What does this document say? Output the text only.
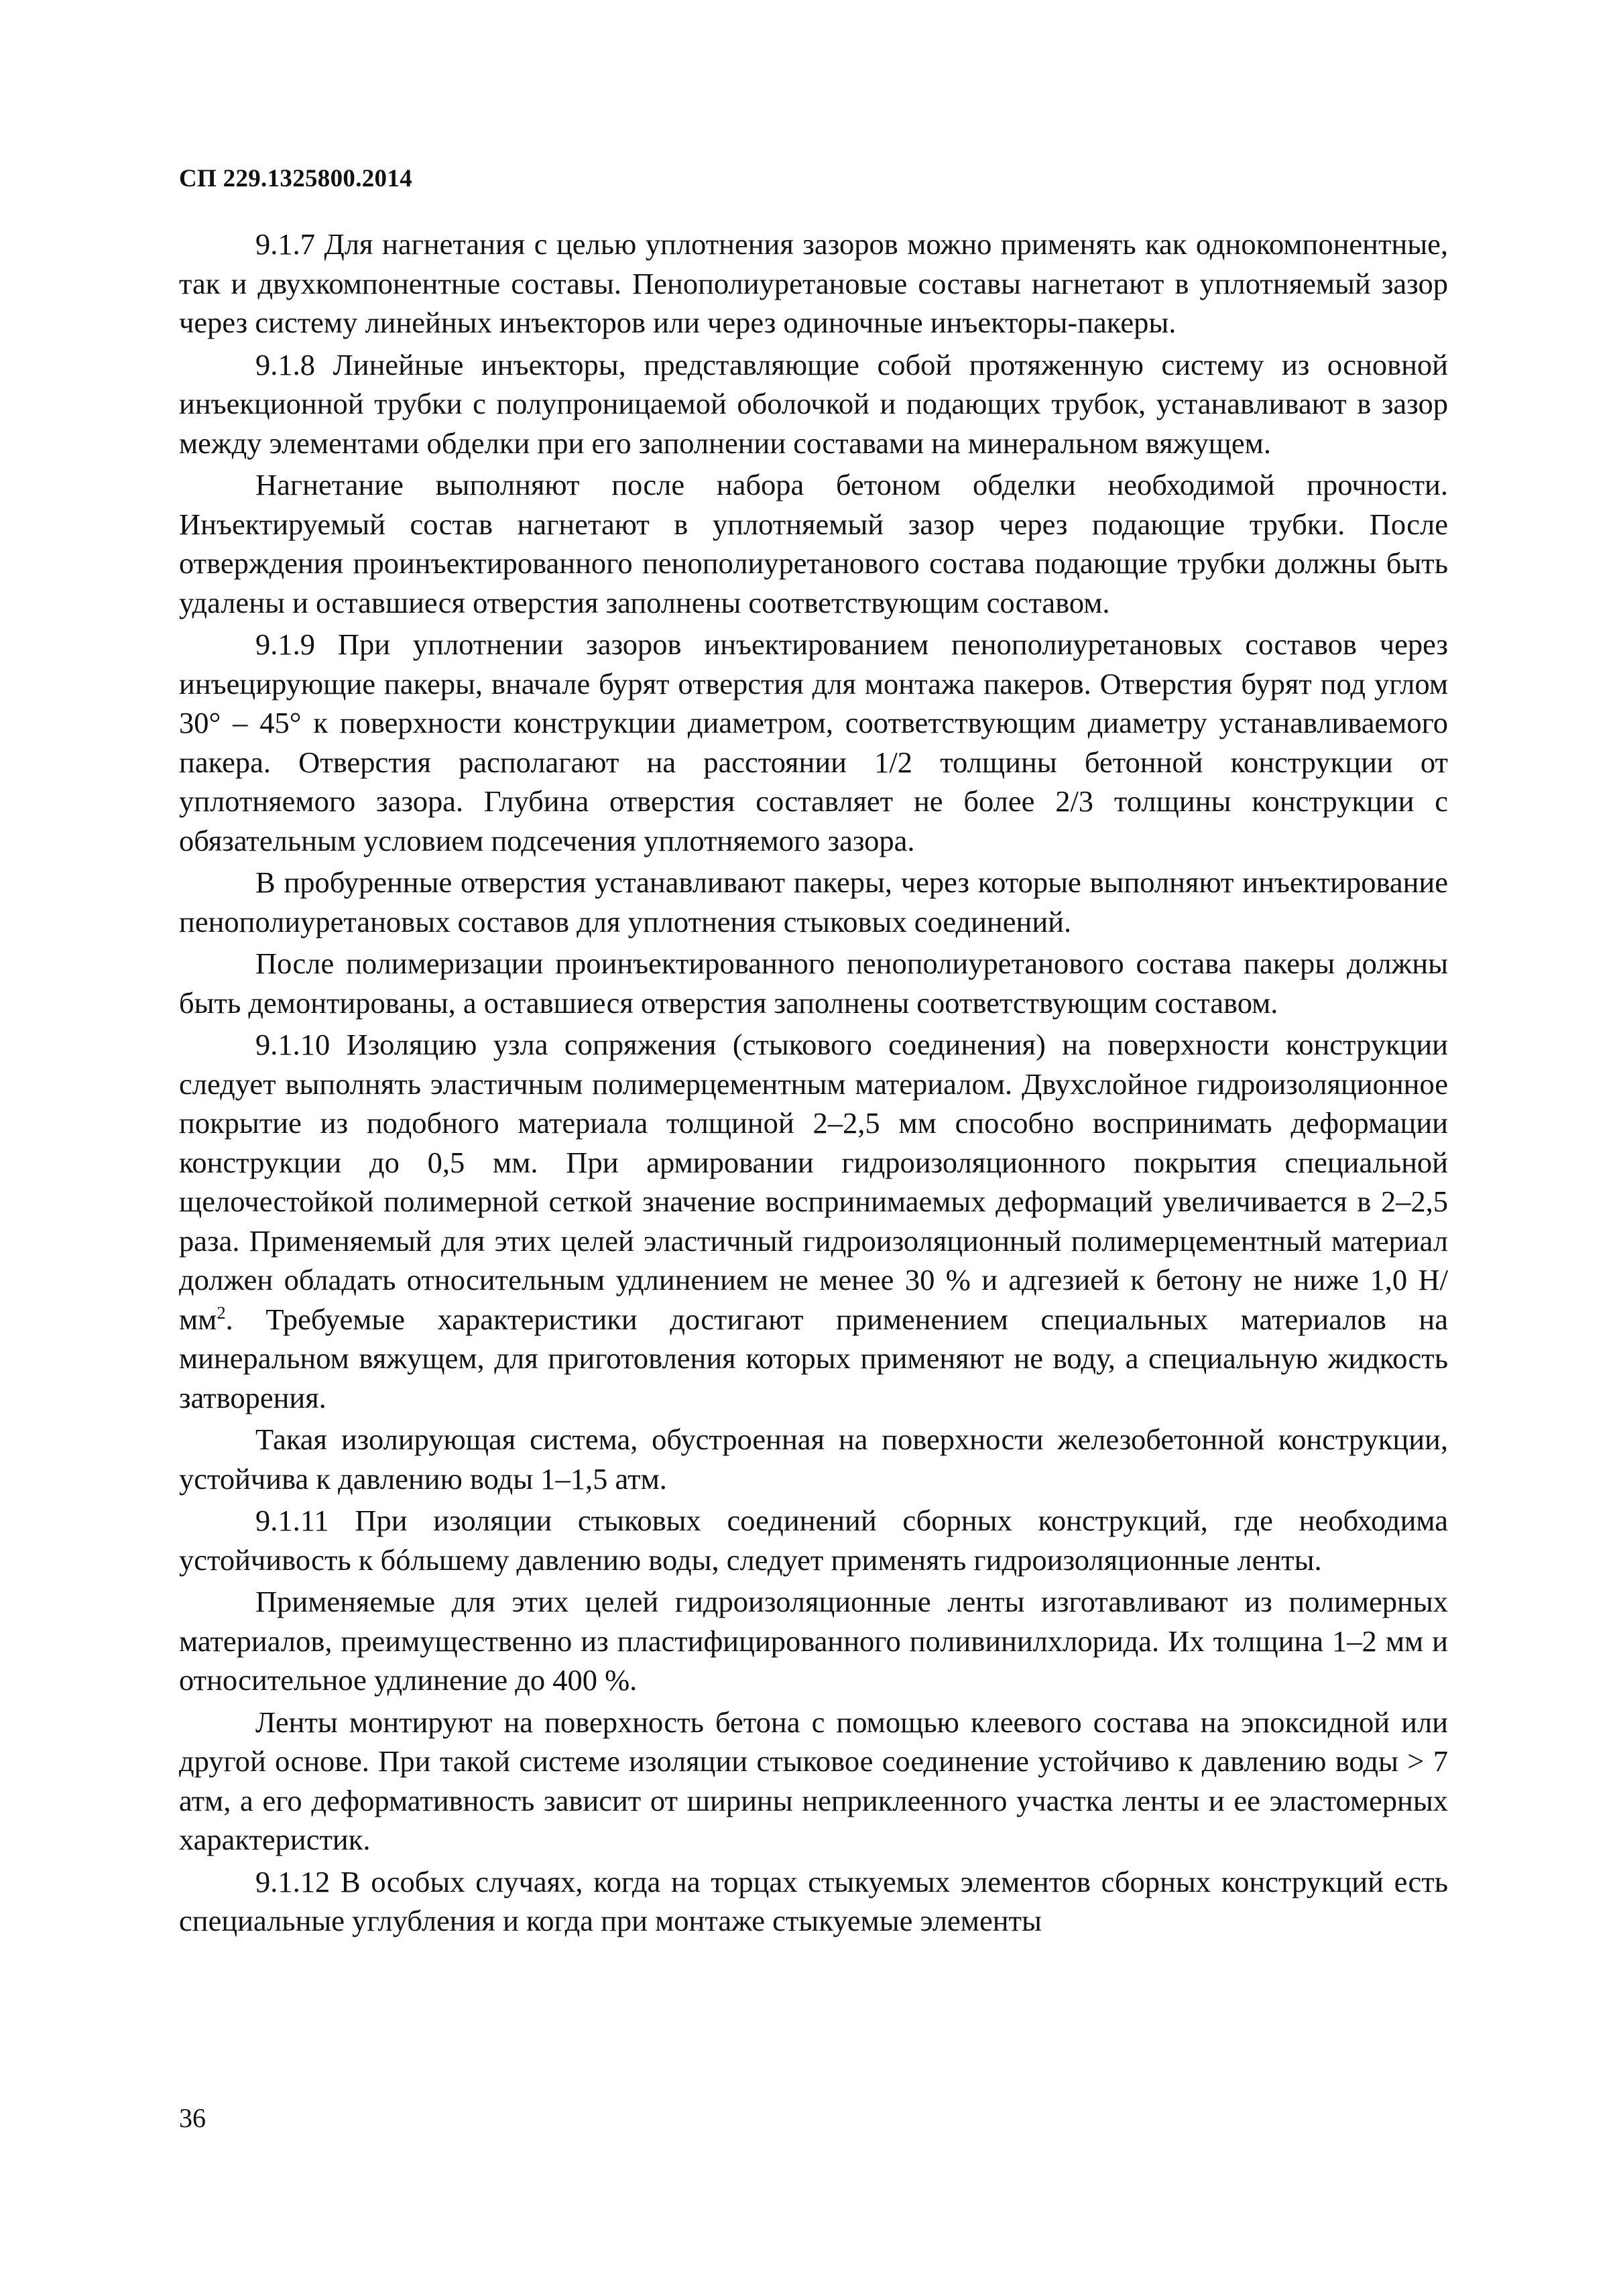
СП 229.1325800.2014

9.1.7 Для нагнетания с целью уплотнения зазоров можно применять как однокомпонентные, так и двухкомпонентные составы. Пенополиуретановые составы нагнетают в уплотняемый зазор через систему линейных инъекторов или через одиночные инъекторы-пакеры.

9.1.8 Линейные инъекторы, представляющие собой протяженную систему из основной инъекционной трубки с полупроницаемой оболочкой и подающих трубок, устанавливают в зазор между элементами обделки при его заполнении составами на минеральном вяжущем.

Нагнетание выполняют после набора бетоном обделки необходимой прочности. Инъектируемый состав нагнетают в уплотняемый зазор через подающие трубки. После отверждения проинъектированного пенополиуретанового состава подающие трубки должны быть удалены и оставшиеся отверстия заполнены соответствующим составом.

9.1.9 При уплотнении зазоров инъектированием пенополиуретановых составов через инъецирующие пакеры, вначале бурят отверстия для монтажа пакеров. Отверстия бурят под углом 30° – 45° к поверхности конструкции диаметром, соответствующим диаметру устанавливаемого пакера. Отверстия располагают на расстоянии 1/2 толщины бетонной конструкции от уплотняемого зазора. Глубина отверстия составляет не более 2/3 толщины конструкции с обязательным условием подсечения уплотняемого зазора.

В пробуренные отверстия устанавливают пакеры, через которые выполняют инъектирование пенополиуретановых составов для уплотнения стыковых соединений.

После полимеризации проинъектированного пенополиуретанового состава пакеры должны быть демонтированы, а оставшиеся отверстия заполнены соответствующим составом.

9.1.10 Изоляцию узла сопряжения (стыкового соединения) на поверхности конструкции следует выполнять эластичным полимерцементным материалом. Двухслойное гидроизоляционное покрытие из подобного материала толщиной 2–2,5 мм способно воспринимать деформации конструкции до 0,5 мм. При армировании гидроизоляционного покрытия специальной щелочестойкой полимерной сеткой значение воспринимаемых деформаций увеличивается в 2–2,5 раза. Применяемый для этих целей эластичный гидроизоляционный полимерцементный материал должен обладать относительным удлинением не менее 30 % и адгезией к бетону не ниже 1,0 $Н/мм^2$. Требуемые характеристики достигают применением специальных материалов на минеральном вяжущем, для приготовления которых применяют не воду, а специальную жидкость затворения.

Такая изолирующая система, обустроенная на поверхности железобетонной конструкции, устойчива к давлению воды 1–1,5 атм.

9.1.11 При изоляции стыковых соединений сборных конструкций, где необходима устойчивость к бóльшему давлению воды, следует применять гидроизоляционные ленты.

Применяемые для этих целей гидроизоляционные ленты изготавливают из полимерных материалов, преимущественно из пластифицированного поливинилхлорида. Их толщина 1–2 мм и относительное удлинение до 400 %.

Ленты монтируют на поверхность бетона с помощью клеевого состава на эпоксидной или другой основе. При такой системе изоляции стыковое соединение устойчиво к давлению воды > 7 атм, а его деформативность зависит от ширины неприклеенного участка ленты и ее эластомерных характеристик.

9.1.12 В особых случаях, когда на торцах стыкуемых элементов сборных конструкций есть специальные углубления и когда при монтаже стыкуемые элементы

36
